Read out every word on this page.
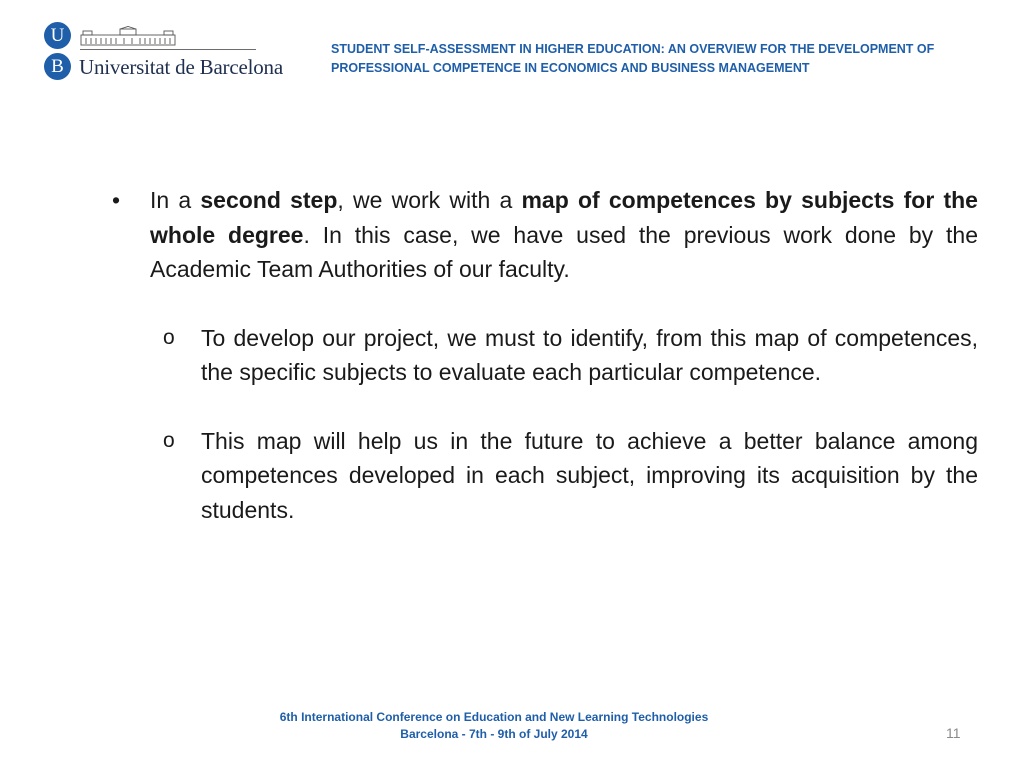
U
B Universitat de Barcelona
STUDENT SELF-ASSESSMENT IN HIGHER EDUCATION: AN OVERVIEW FOR THE DEVELOPMENT OF
PROFESSIONAL COMPETENCE IN ECONOMICS AND BUSINESS MANAGEMENT
• In a second step, we work with a map of competences by subjects for the whole degree. In this case, we have used the previous work done by the Academic Team Authorities of our faculty.
o To develop our project, we must to identify, from this map of competences, the specific subjects to evaluate each particular competence.
o This map will help us in the future to achieve a better balance among competences developed in each subject, improving its acquisition by the students.
6th International Conference on Education and New Learning Technologies
Barcelona - 7th - 9th of July 2014	11
